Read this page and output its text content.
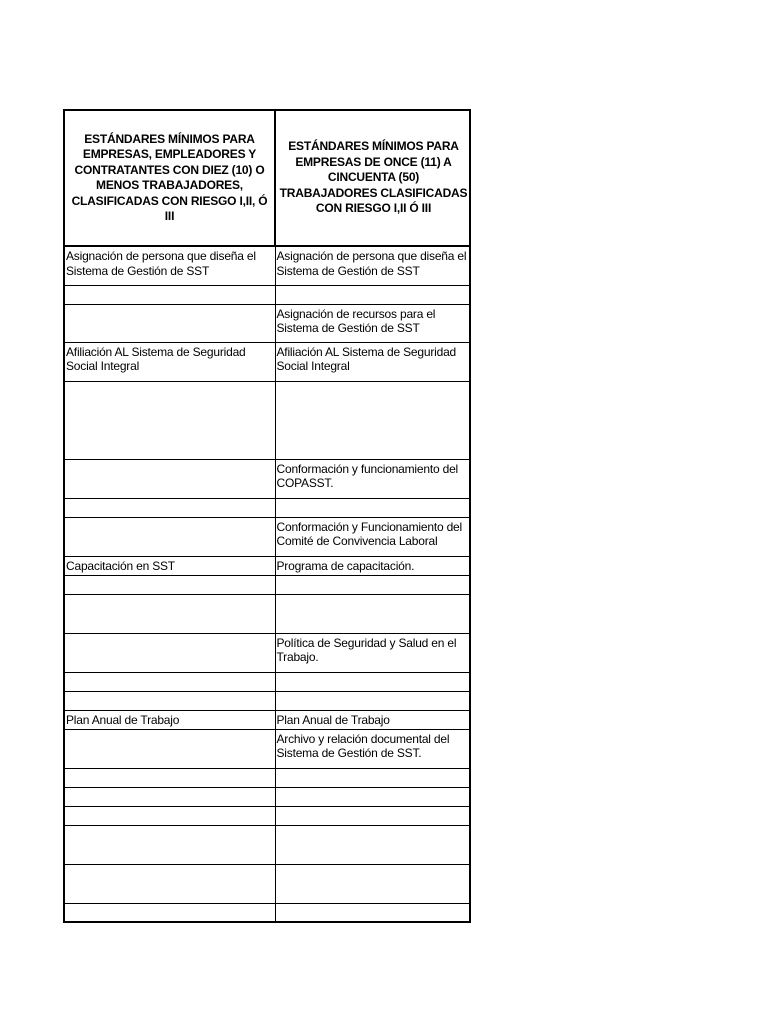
ESTÁNDARES MÍNIMOS PARA EMPRESAS, EMPLEADORES Y CONTRATANTES CON DIEZ (10) O MENOS TRABAJADORES, CLASIFICADAS CON RIESGO I,II, Ó III	ESTÁNDARES MÍNIMOS PARA EMPRESAS DE ONCE (11) A CINCUENTA (50) TRABAJADORES CLASIFICADAS CON RIESGO I,II Ó III
Asignación de persona que diseña el Sistema de Gestión de SST	Asignación de persona que diseña el Sistema de Gestión de SST

	Asignación de recursos para el Sistema de Gestión de SST
Afiliación AL Sistema de Seguridad Social Integral	Afiliación AL Sistema de Seguridad Social Integral

	Conformación y funcionamiento del COPASST.

	Conformación y Funcionamiento del Comité de Convivencia Laboral
Capacitación en SST	Programa de capacitación.

	Política de Seguridad y Salud en el Trabajo.

Plan Anual de Trabajo	Plan Anual de Trabajo
	Archivo y relación documental del Sistema de Gestión de SST.
